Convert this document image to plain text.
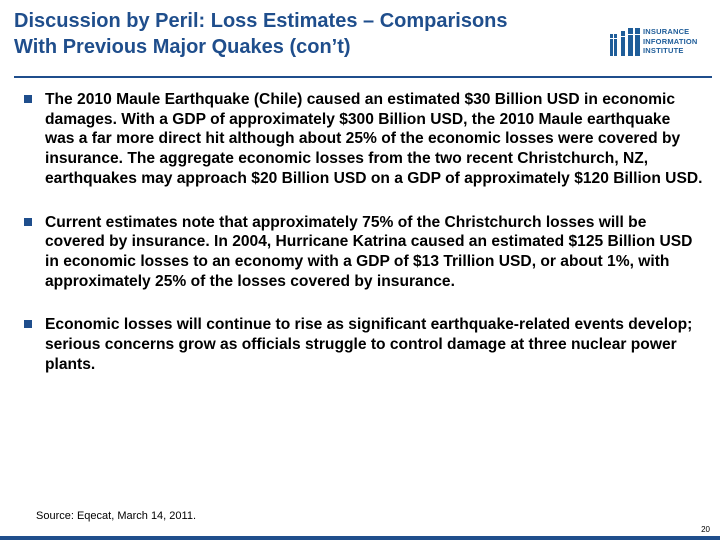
Discussion by Peril: Loss Estimates – Comparisons
With Previous Major Quakes (con’t)
INSURANCE
INFORMATION
INSTITUTE
The 2010 Maule Earthquake (Chile) caused an estimated $30 Billion USD in economic damages. With a GDP of approximately $300 Billion USD, the 2010 Maule earthquake was a far more direct hit although about 25% of the economic losses were covered by insurance. The aggregate economic losses from the two recent Christchurch, NZ, earthquakes may approach $20 Billion USD on a GDP of approximately $120 Billion USD.
Current estimates note that approximately 75% of the Christchurch losses will be covered by insurance. In 2004, Hurricane Katrina caused an estimated $125 Billion USD in economic losses to an economy with a GDP of $13 Trillion USD, or about 1%, with approximately 25% of the losses covered by insurance.
Economic losses will continue to rise as significant earthquake-related events develop; serious concerns grow as officials struggle to control damage at three nuclear power plants.
Source: Eqecat, March 14, 2011.
20
